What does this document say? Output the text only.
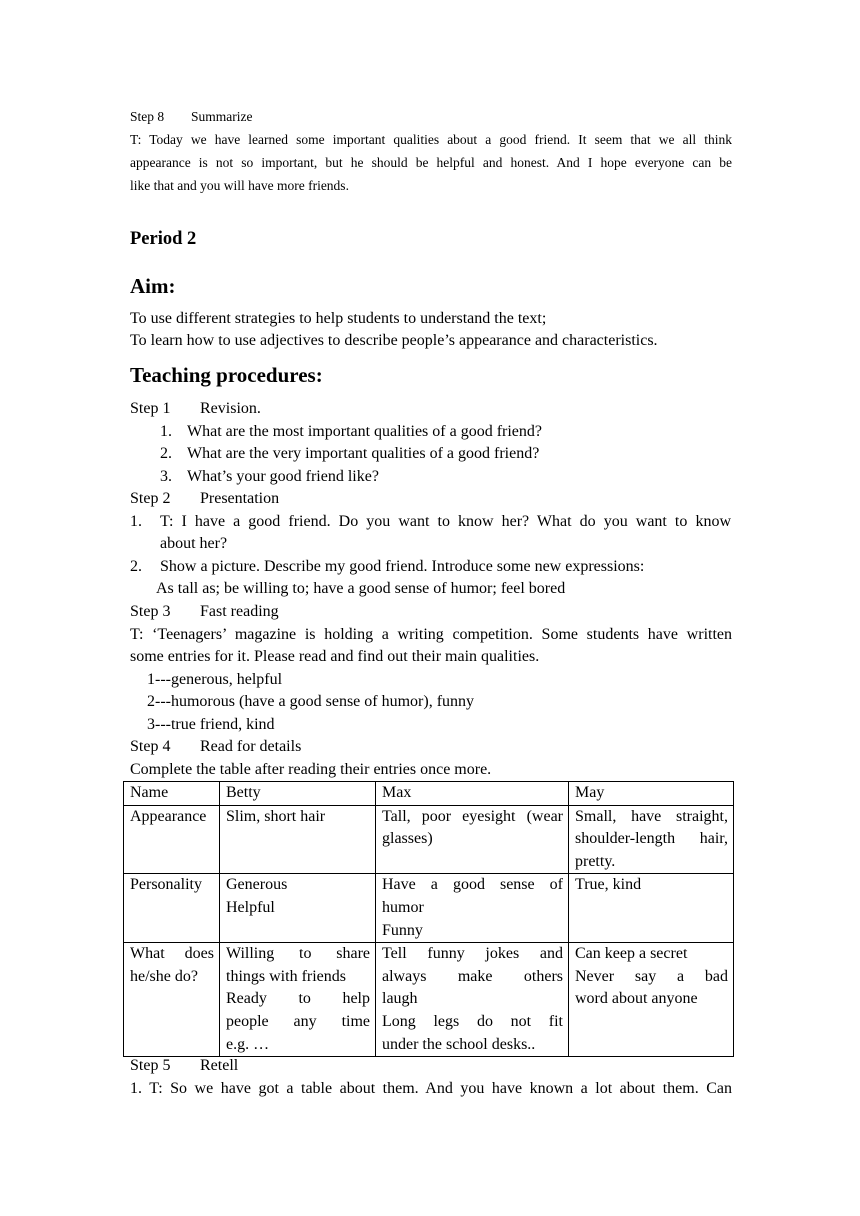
Step 8 Summarize
T: Today we have learned some important qualities about a good friend. It seem that we all think
appearance is not so important, but he should be helpful and honest. And I hope everyone can be
like that and you will have more friends.
Period 2
Aim:
To use different strategies to help students to understand the text;
To learn how to use adjectives to describe people’s appearance and characteristics.
Teaching procedures:
Step 1 Revision.
1. What are the most important qualities of a good friend?
2. What are the very important qualities of a good friend?
3. What’s your good friend like?
Step 2 Presentation
1. T: I have a good friend. Do you want to know her? What do you want to know
about her?
2. Show a picture. Describe my good friend. Introduce some new expressions:
As tall as; be willing to; have a good sense of humor; feel bored
Step 3 Fast reading
T: ‘Teenagers’ magazine is holding a writing competition. Some students have written
some entries for it. Please read and find out their main qualities.
1---generous, helpful
2---humorous (have a good sense of humor), funny
3---true friend, kind
Step 4 Read for details
Complete the table after reading their entries once more.
Name	Betty	Max	May
Appearance	Slim, short hair	Tall, poor eyesight (wear
glasses)	Small, have straight,
shoulder-length hair,
pretty.

Personality	Generous
Helpful	Have a good sense of
humor
Funny	True, kind

What does
he/she do?	Willing to share
things with friends
Ready to help
people any time
e.g. …	Tell funny jokes and
always make others
laugh
Long legs do not fit
under the school desks..	Can keep a secret
Never say a bad
word about anyone
Step 5 Retell
1. T: So we have got a table about them. And you have known a lot about them. Can
